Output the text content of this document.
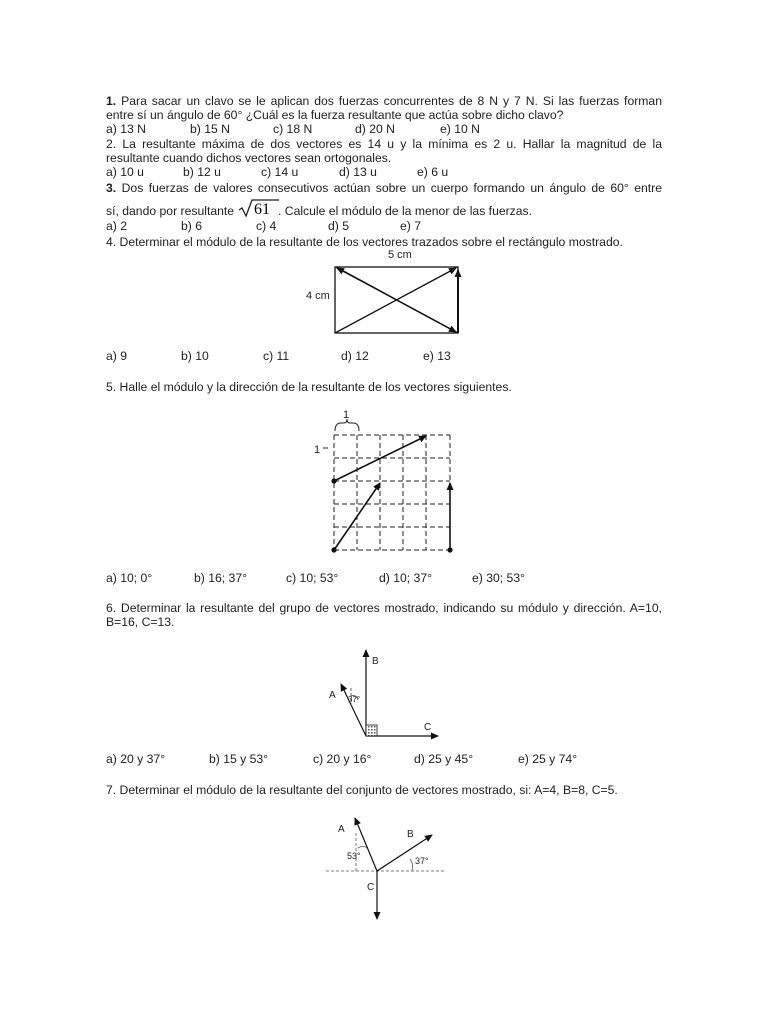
1. Para sacar un clavo se le aplican dos fuerzas concurrentes de 8 N y 7 N. Si las fuerzas forman

entre sí un ángulo de 60° ¿Cuál es la fuerza resultante que actúa sobre dicho clavo?

a) 13 N	b) 15 N	c) 18 N	d) 20 N	e) 10 N

2. La resultante máxima de dos vectores es 14 u y la mínima es 2 u. Hallar la magnitud de la

resultante cuando dichos vectores sean ortogonales.

a) 10 u	b) 12 u	c) 14 u	d) 13 u	e) 6 u

3. Dos fuerzas de valores consecutivos actúan sobre un cuerpo formando un ángulo de 60° entre

sí, dando por resultante 61 . Calcule el módulo de la menor de las fuerzas.
a) 2	b) 6	c) 4	d) 5	e) 7

4. Determinar el módulo de la resultante de los vectores trazados sobre el rectángulo mostrado.

5 cm
4 cm
a) 9	b) 10	c) 11	d) 12	e) 13

5. Halle el módulo y la dirección de la resultante de los vectores siguientes.

1
1
a) 10; 0°	b) 16; 37°	c) 10; 53°	d) 10; 37°	e) 30; 53°

6. Determinar la resultante del grupo de vectores mostrado, indicando su módulo y dirección. A=10,

B=16, C=13.

B
C
A 37°
a) 20 y 37°	b) 15 y 53°	c) 20 y 16°	d) 25 y 45°	e) 25 y 74°

7. Determinar el módulo de la resultante del conjunto de vectores mostrado, si: A=4, B=8, C=5.

A	B
C
53°	37°
